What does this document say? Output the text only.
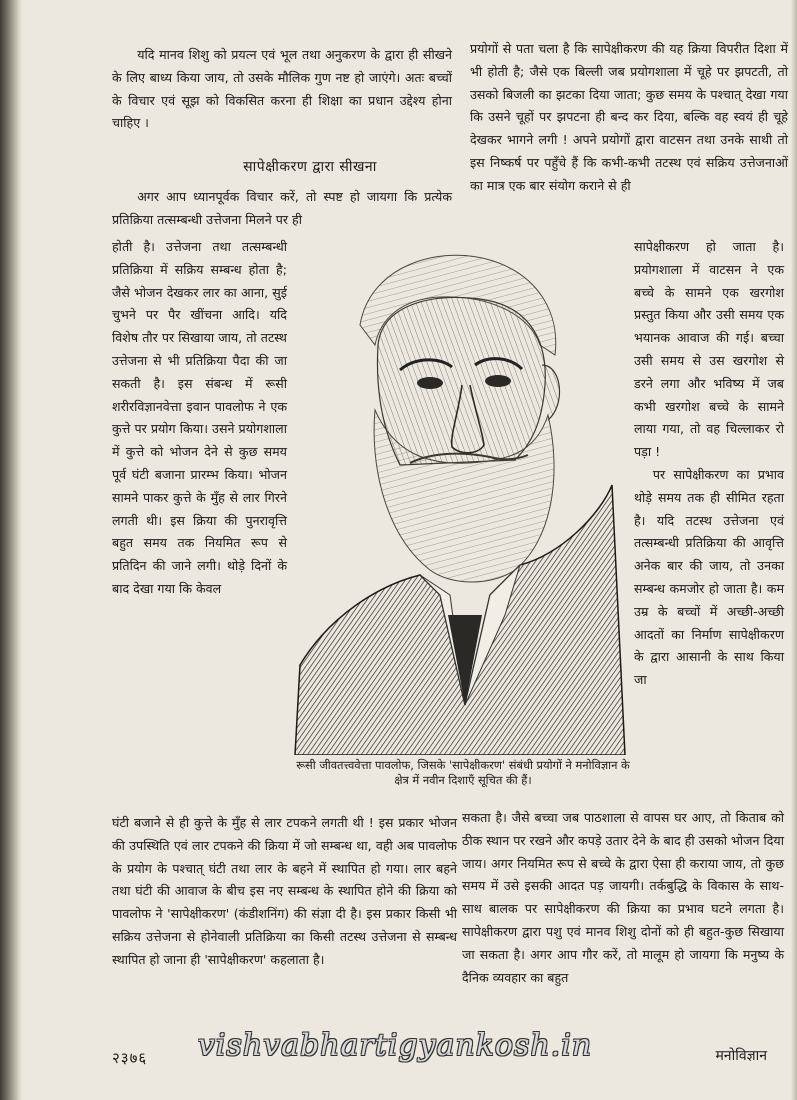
यदि मानव शिशु को प्रयत्न एवं भूल तथा अनुकरण के द्वारा ही सीखने के लिए बाध्य किया जाय, तो उसके मौलिक गुण नष्ट हो जाएंगे। अतः बच्चों के विचार एवं सूझ को विकसित करना ही शिक्षा का प्रधान उद्देश्य होना चाहिए ।

सापेक्षीकरण द्वारा सीखना

अगर आप ध्यानपूर्वक विचार करें, तो स्पष्ट हो जायगा कि प्रत्येक प्रतिक्रिया तत्सम्बन्धी उत्तेजना मिलने पर ही

होती है। उत्तेजना तथा तत्सम्बन्धी प्रतिक्रिया में सक्रिय सम्बन्ध होता है; जैसे भोजन देखकर लार का आना, सुई चुभने पर पैर खींचना आदि। यदि विशेष तौर पर सिखाया जाय, तो तटस्थ उत्तेजना से भी प्रतिक्रिया पैदा की जा सकती है। इस संबन्ध में रूसी शरीरविज्ञानवेत्ता इवान पावलोफ ने एक कुत्ते पर प्रयोग किया। उसने प्रयोगशाला में कुत्ते को भोजन देने से कुछ समय पूर्व घंटी बजाना प्रारम्भ किया। भोजन सामने पाकर कुत्ते के मुँह से लार गिरने लगती थी। इस क्रिया की पुनरावृत्ति बहुत समय तक नियमित रूप से प्रतिदिन की जाने लगी। थोड़े दिनों के बाद देखा गया कि केवल

प्रयोगों से पता चला है कि सापेक्षीकरण की यह क्रिया विपरीत दिशा में भी होती है; जैसे एक बिल्ली जब प्रयोगशाला में चूहे पर झपटती, तो उसको बिजली का झटका दिया जाता; कुछ समय के पश्चात् देखा गया कि उसने चूहों पर झपटना ही बन्द कर दिया, बल्कि वह स्वयं ही चूहे देखकर भागने लगी ! अपने प्रयोगों द्वारा वाटसन तथा उनके साथी तो इस निष्कर्ष पर पहुँचे हैं कि कभी-कभी तटस्थ एवं सक्रिय उत्तेजनाओं का मात्र एक बार संयोग कराने से ही

सापेक्षीकरण हो जाता है। प्रयोगशाला में वाटसन ने एक बच्चे के सामने एक खरगोश प्रस्तुत किया और उसी समय एक भयानक आवाज की गई। बच्चा उसी समय से उस खरगोश से डरने लगा और भविष्य में जब कभी खरगोश बच्चे के सामने लाया गया, तो वह चिल्लाकर रो पड़ा !

पर सापेक्षीकरण का प्रभाव थोड़े समय तक ही सीमित रहता है। यदि तटस्थ उत्तेजना एवं तत्सम्बन्धी प्रतिक्रिया की आवृत्ति अनेक बार की जाय, तो उनका सम्बन्ध कमजोर हो जाता है। कम उम्र के बच्चों में अच्छी-अच्छी आदतों का निर्माण सापेक्षीकरण के द्वारा आसानी के साथ किया जा

रूसी जीवतत्त्ववेत्ता पावलोफ, जिसके 'सापेक्षीकरण' संबंधी प्रयोगों ने मनोविज्ञान के क्षेत्र में नवीन दिशाएँ सूचित की हैं।

घंटी बजाने से ही कुत्ते के मुँह से लार टपकने लगती थी ! इस प्रकार भोजन की उपस्थिति एवं लार टपकने की क्रिया में जो सम्बन्ध था, वही अब पावलोफ के प्रयोग के पश्चात् घंटी तथा लार के बहने में स्थापित हो गया। लार बहने तथा घंटी की आवाज के बीच इस नए सम्बन्ध के स्थापित होने की क्रिया को पावलोफ ने 'सापेक्षीकरण' (कंडीशनिंग) की संज्ञा दी है। इस प्रकार किसी भी सक्रिय उत्तेजना से होनेवाली प्रतिक्रिया का किसी तटस्थ उत्तेजना से सम्बन्ध स्थापित हो जाना ही 'सापेक्षीकरण' कहलाता है।

सकता है। जैसे बच्चा जब पाठशाला से वापस घर आए, तो किताब को ठीक स्थान पर रखने और कपड़े उतार देने के बाद ही उसको भोजन दिया जाय। अगर नियमित रूप से बच्चे के द्वारा ऐसा ही कराया जाय, तो कुछ समय में उसे इसकी आदत पड़ जायगी। तर्कबुद्धि के विकास के साथ-साथ बालक पर सापेक्षीकरण की क्रिया का प्रभाव घटने लगता है। सापेक्षीकरण द्वारा पशु एवं मानव शिशु दोनों को ही बहुत-कुछ सिखाया जा सकता है। अगर आप गौर करें, तो मालूम हो जायगा कि मनुष्य के दैनिक व्यवहार का बहुत

२३७६	मनोविज्ञान
vishvabhartigyankosh.in
